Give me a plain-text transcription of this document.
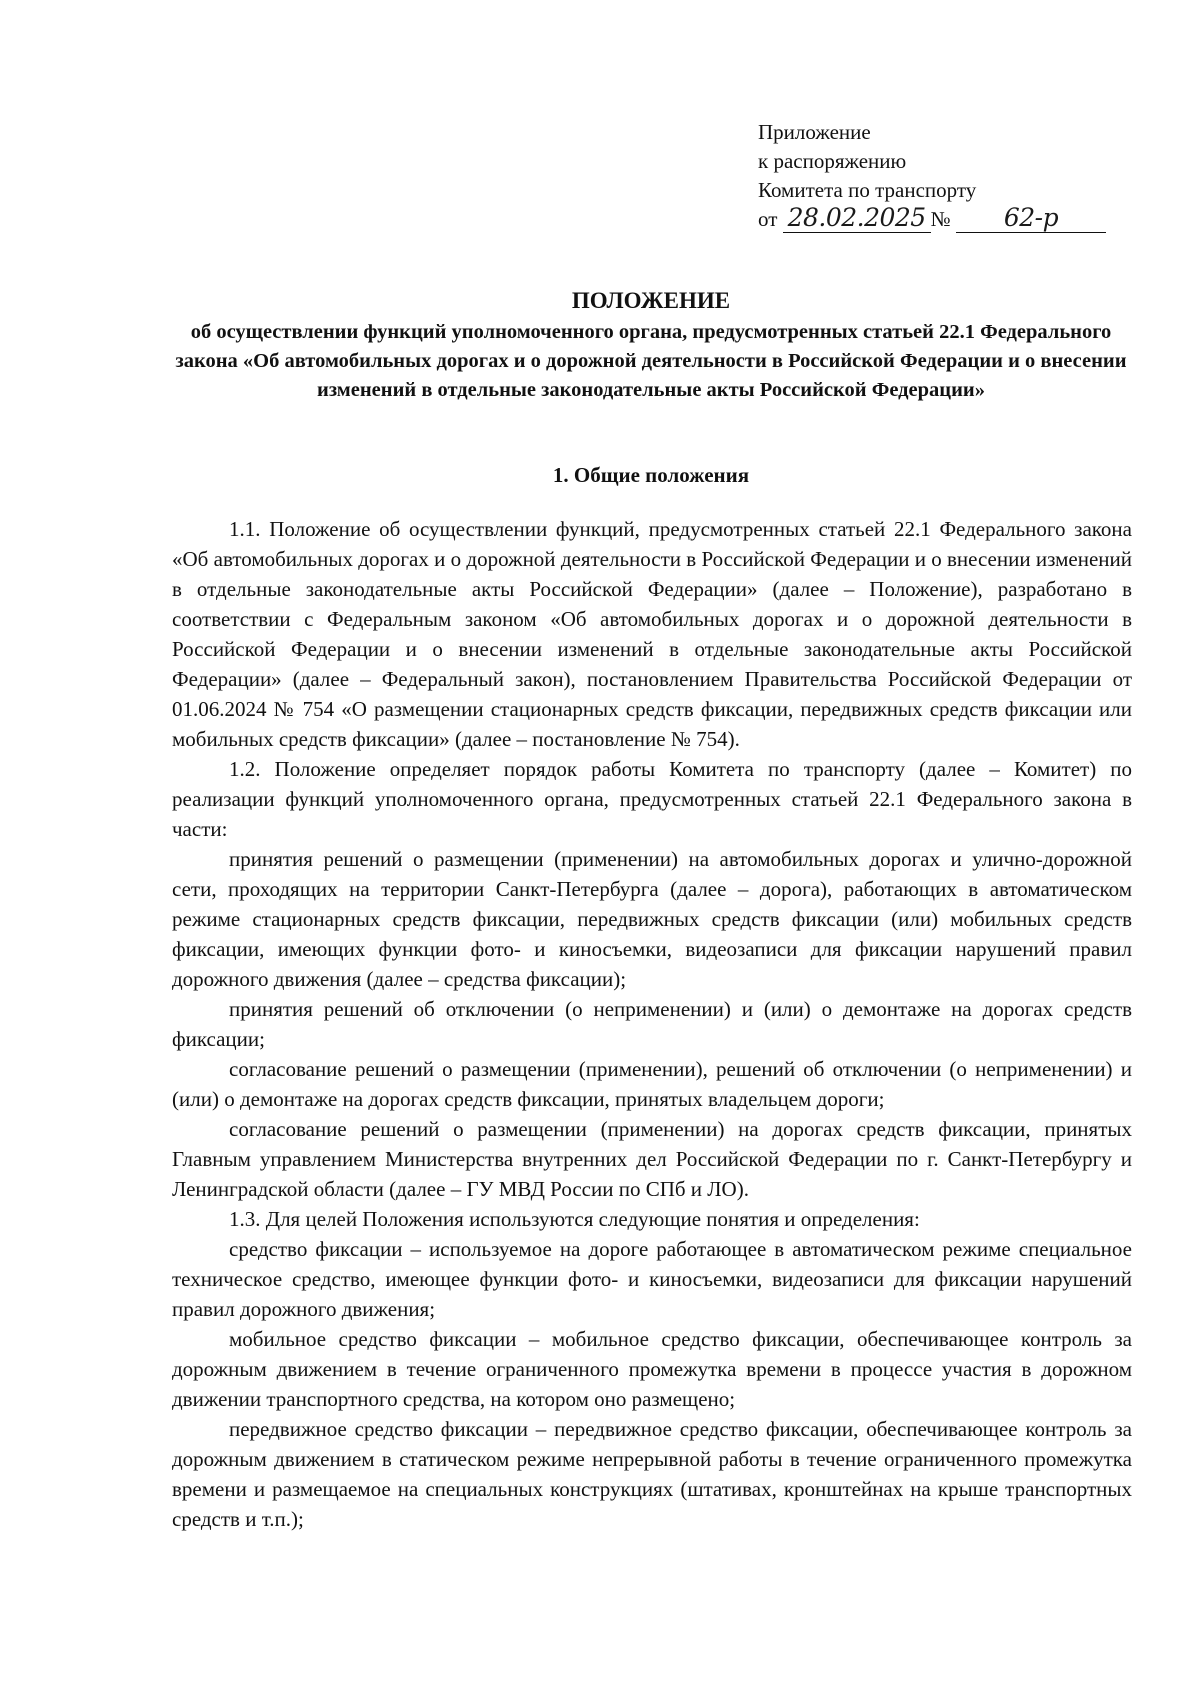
Приложение
к распоряжению
Комитета по транспорту
от 28.02.2025 № 62-р
ПОЛОЖЕНИЕ
об осуществлении функций уполномоченного органа, предусмотренных статьей 22.1 Федерального закона «Об автомобильных дорогах и о дорожной деятельности в Российской Федерации и о внесении изменений в отдельные законодательные акты Российской Федерации»
1. Общие положения

1.1. Положение об осуществлении функций, предусмотренных статьей 22.1 Федерального закона «Об автомобильных дорогах и о дорожной деятельности в Российской Федерации и о внесении изменений в отдельные законодательные акты Российской Федерации» (далее – Положение), разработано в соответствии с Федеральным законом «Об автомобильных дорогах и о дорожной деятельности в Российской Федерации и о внесении изменений в отдельные законодательные акты Российской Федерации» (далее – Федеральный закон), постановлением Правительства Российской Федерации от 01.06.2024 № 754 «О размещении стационарных средств фиксации, передвижных средств фиксации или мобильных средств фиксации» (далее – постановление № 754).

1.2. Положение определяет порядок работы Комитета по транспорту (далее – Комитет) по реализации функций уполномоченного органа, предусмотренных статьей 22.1 Федерального закона в части:

принятия решений о размещении (применении) на автомобильных дорогах и улично-дорожной сети, проходящих на территории Санкт-Петербурга (далее – дорога), работающих в автоматическом режиме стационарных средств фиксации, передвижных средств фиксации (или) мобильных средств фиксации, имеющих функции фото- и киносъемки, видеозаписи для фиксации нарушений правил дорожного движения (далее – средства фиксации);

принятия решений об отключении (о неприменении) и (или) о демонтаже на дорогах средств фиксации;

согласование решений о размещении (применении), решений об отключении (о неприменении) и (или) о демонтаже на дорогах средств фиксации, принятых владельцем дороги;

согласование решений о размещении (применении) на дорогах средств фиксации, принятых Главным управлением Министерства внутренних дел Российской Федерации по г. Санкт-Петербургу и Ленинградской области (далее – ГУ МВД России по СПб и ЛО).

1.3. Для целей Положения используются следующие понятия и определения:

средство фиксации – используемое на дороге работающее в автоматическом режиме специальное техническое средство, имеющее функции фото- и киносъемки, видеозаписи для фиксации нарушений правил дорожного движения;

мобильное средство фиксации – мобильное средство фиксации, обеспечивающее контроль за дорожным движением в течение ограниченного промежутка времени в процессе участия в дорожном движении транспортного средства, на котором оно размещено;

передвижное средство фиксации – передвижное средство фиксации, обеспечивающее контроль за дорожным движением в статическом режиме непрерывной работы в течение ограниченного промежутка времени и размещаемое на специальных конструкциях (штативах, кронштейнах на крыше транспортных средств и т.п.);
